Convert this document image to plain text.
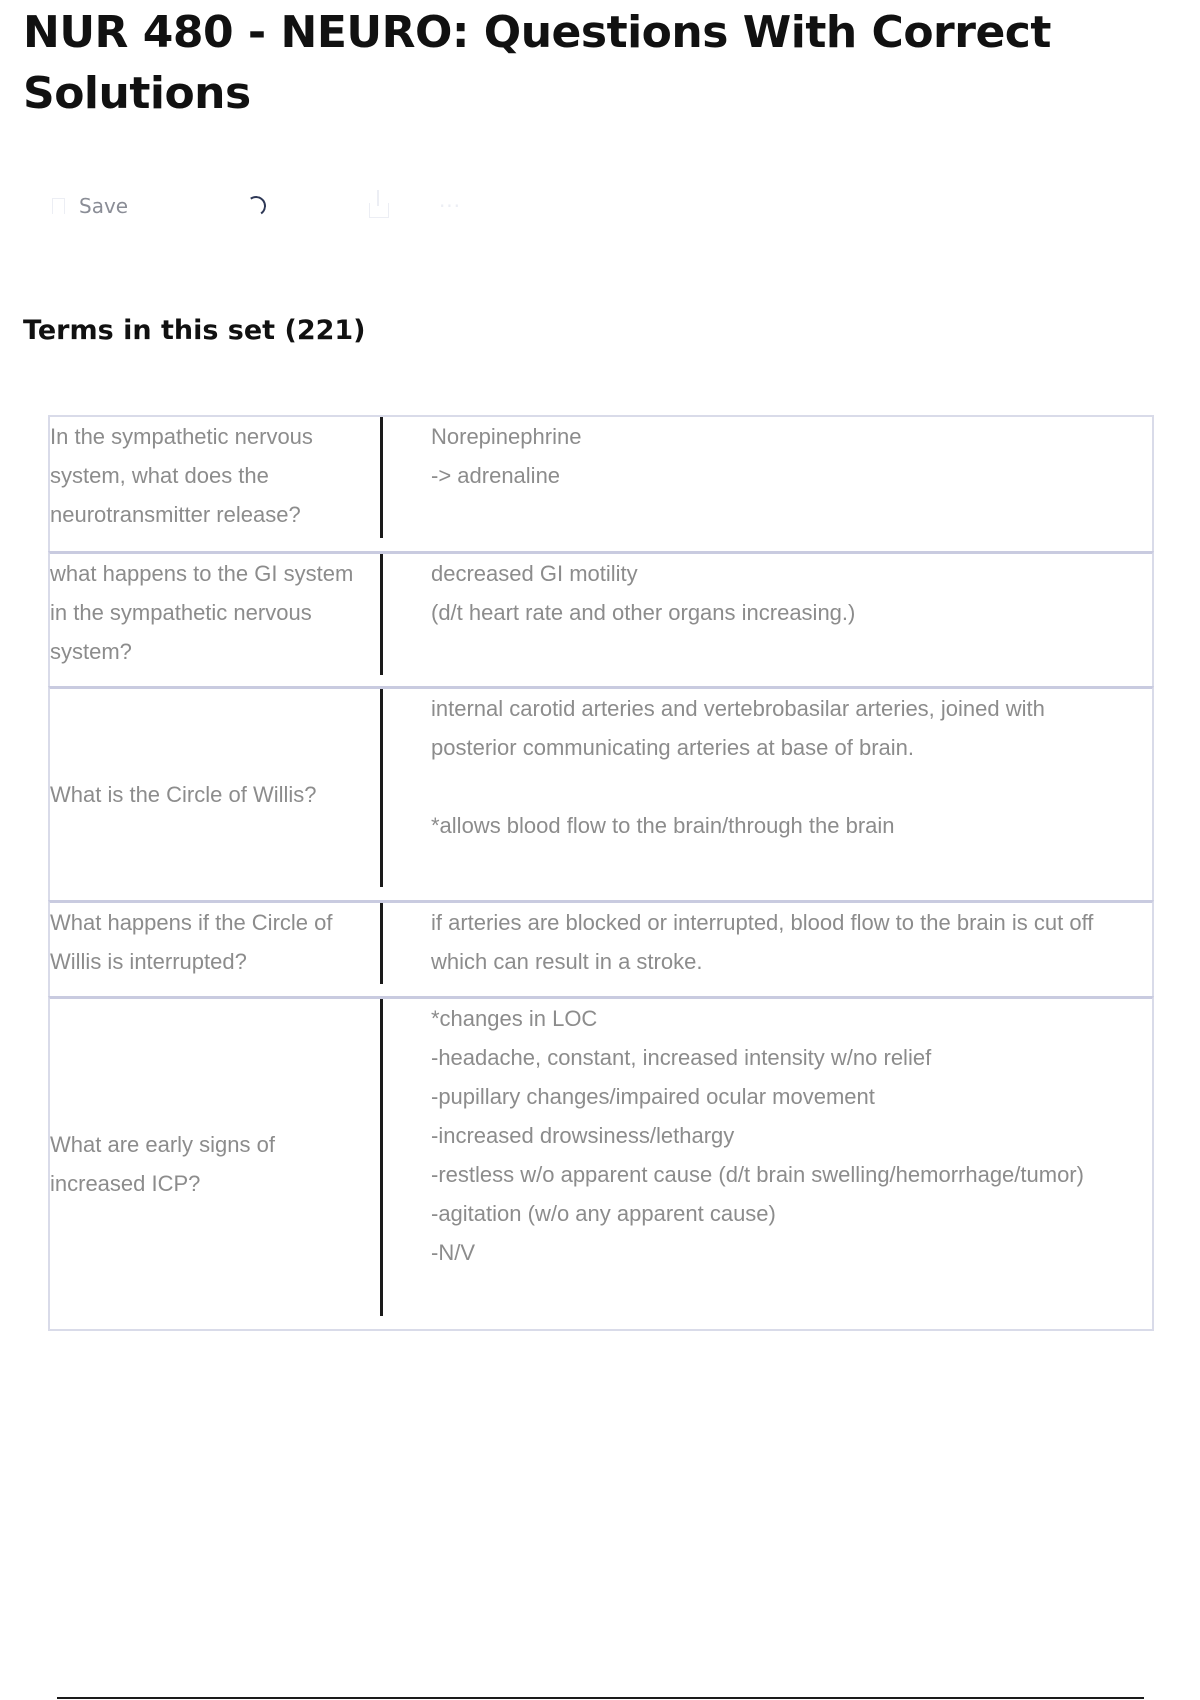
NUR 480 - NEURO: Questions With Correct Solutions
Save	···
Terms in this set (221)
In the sympathetic nervous system, what does the neurotransmitter release?
Norepinephrine
-> adrenaline
what happens to the GI system in the sympathetic nervous system?
decreased GI motility
(d/t heart rate and other organs increasing.)
What is the Circle of Willis?
internal carotid arteries and vertebrobasilar arteries, joined with posterior communicating arteries at base of brain.

*allows blood flow to the brain/through the brain
What happens if the Circle of Willis is interrupted?
if arteries are blocked or interrupted, blood flow to the brain is cut off which can result in a stroke.
What are early signs of increased ICP?
*changes in LOC
-headache, constant, increased intensity w/no relief
-pupillary changes/impaired ocular movement
-increased drowsiness/lethargy
-restless w/o apparent cause (d/t brain swelling/hemorrhage/tumor)
-agitation (w/o any apparent cause)
-N/V
